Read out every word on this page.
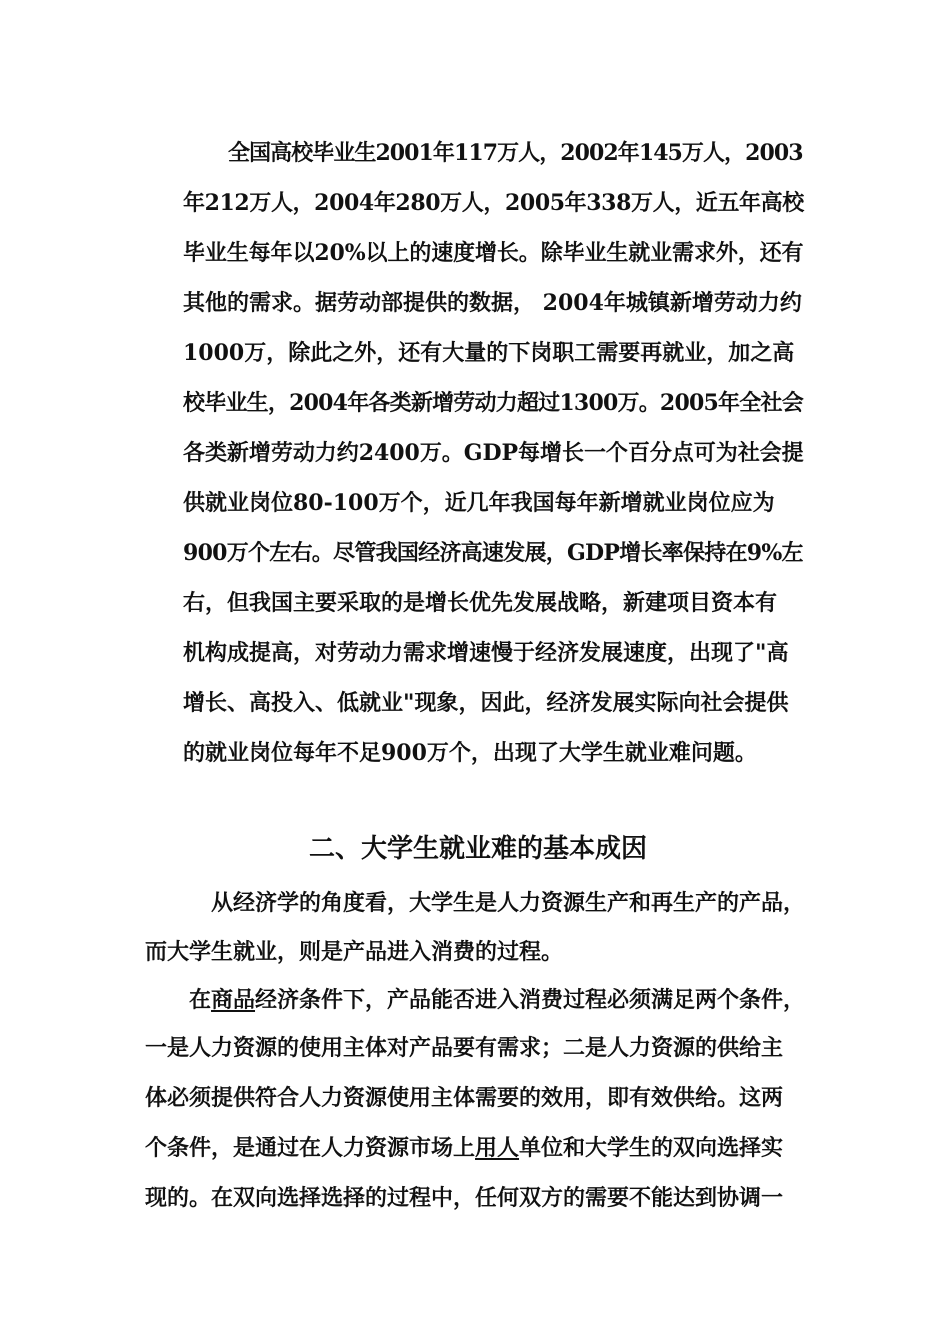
全国高校毕业生2001年117万人，2002年145万人，2003
年212万人，2004年280万人，2005年338万人，近五年高校
毕业生每年以20%以上的速度增长。除毕业生就业需求外，还有
其他的需求。据劳动部提供的数据， 2004年城镇新增劳动力约
1000万，除此之外，还有大量的下岗职工需要再就业，加之高
校毕业生，2004年各类新增劳动力超过1300万。2005年全社会
各类新增劳动力约2400万。GDP每增长一个百分点可为社会提
供就业岗位80-100万个，近几年我国每年新增就业岗位应为
900万个左右。尽管我国经济高速发展，GDP增长率保持在9%左
右，但我国主要采取的是增长优先发展战略，新建项目资本有
机构成提高，对劳动力需求增速慢于经济发展速度，出现了"高
增长、高投入、低就业"现象，因此，经济发展实际向社会提供
的就业岗位每年不足900万个，出现了大学生就业难问题。
二、大学生就业难的基本成因
从经济学的角度看，大学生是人力资源生产和再生产的产品，
而大学生就业，则是产品进入消费的过程。
在商品经济条件下，产品能否进入消费过程必须满足两个条件，
一是人力资源的使用主体对产品要有需求；二是人力资源的供给主
体必须提供符合人力资源使用主体需要的效用，即有效供给。这两
个条件，是通过在人力资源市场上用人单位和大学生的双向选择实
现的。在双向选择选择的过程中，任何双方的需要不能达到协调一
